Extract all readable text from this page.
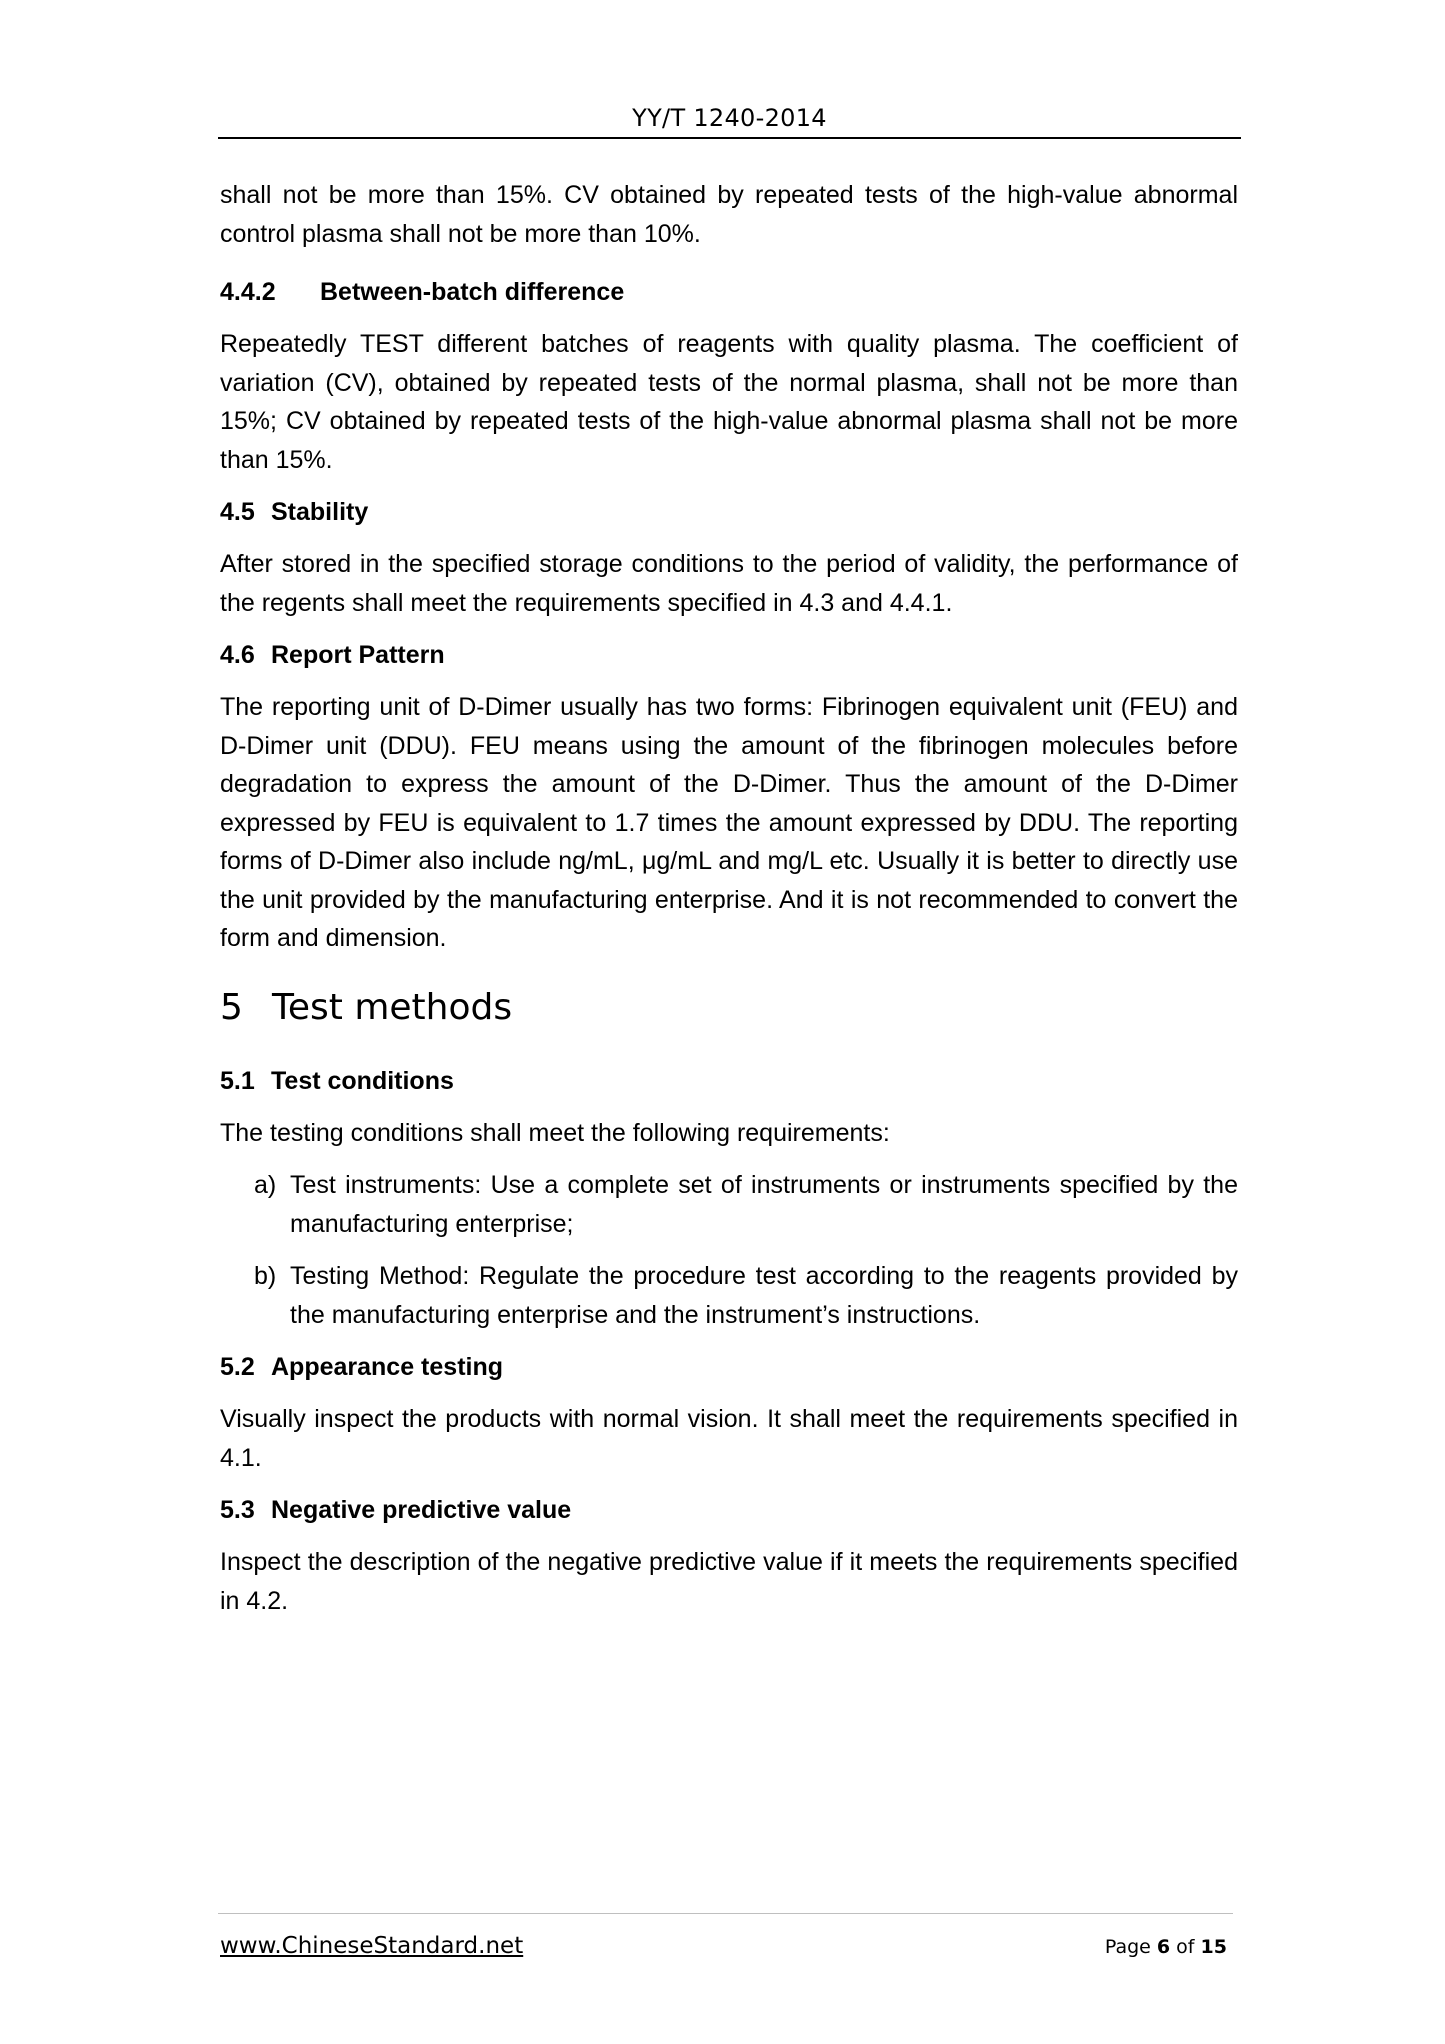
YY/T 1240-2014

shall not be more than 15%. CV obtained by repeated tests of the high-value abnormal control plasma shall not be more than 10%.

4.4.2 Between-batch difference

Repeatedly TEST different batches of reagents with quality plasma. The coefficient of variation (CV), obtained by repeated tests of the normal plasma, shall not be more than 15%; CV obtained by repeated tests of the high-value abnormal plasma shall not be more than 15%.

4.5 Stability

After stored in the specified storage conditions to the period of validity, the performance of the regents shall meet the requirements specified in 4.3 and 4.4.1.

4.6 Report Pattern

The reporting unit of D-Dimer usually has two forms: Fibrinogen equivalent unit (FEU) and D-Dimer unit (DDU). FEU means using the amount of the fibrinogen molecules before degradation to express the amount of the D-Dimer. Thus the amount of the D-Dimer expressed by FEU is equivalent to 1.7 times the amount expressed by DDU. The reporting forms of D-Dimer also include ng/mL, μg/mL and mg/L etc. Usually it is better to directly use the unit provided by the manufacturing enterprise. And it is not recommended to convert the form and dimension.

5 Test methods
5.1 Test conditions

The testing conditions shall meet the following requirements:

a) Test instruments: Use a complete set of instruments or instruments specified by the manufacturing enterprise;
b) Testing Method: Regulate the procedure test according to the reagents provided by the manufacturing enterprise and the instrument’s instructions.
5.2 Appearance testing

Visually inspect the products with normal vision. It shall meet the requirements specified in 4.1.

5.3 Negative predictive value

Inspect the description of the negative predictive value if it meets the requirements specified in 4.2.

www.ChineseStandard.net	Page 6 of 15
